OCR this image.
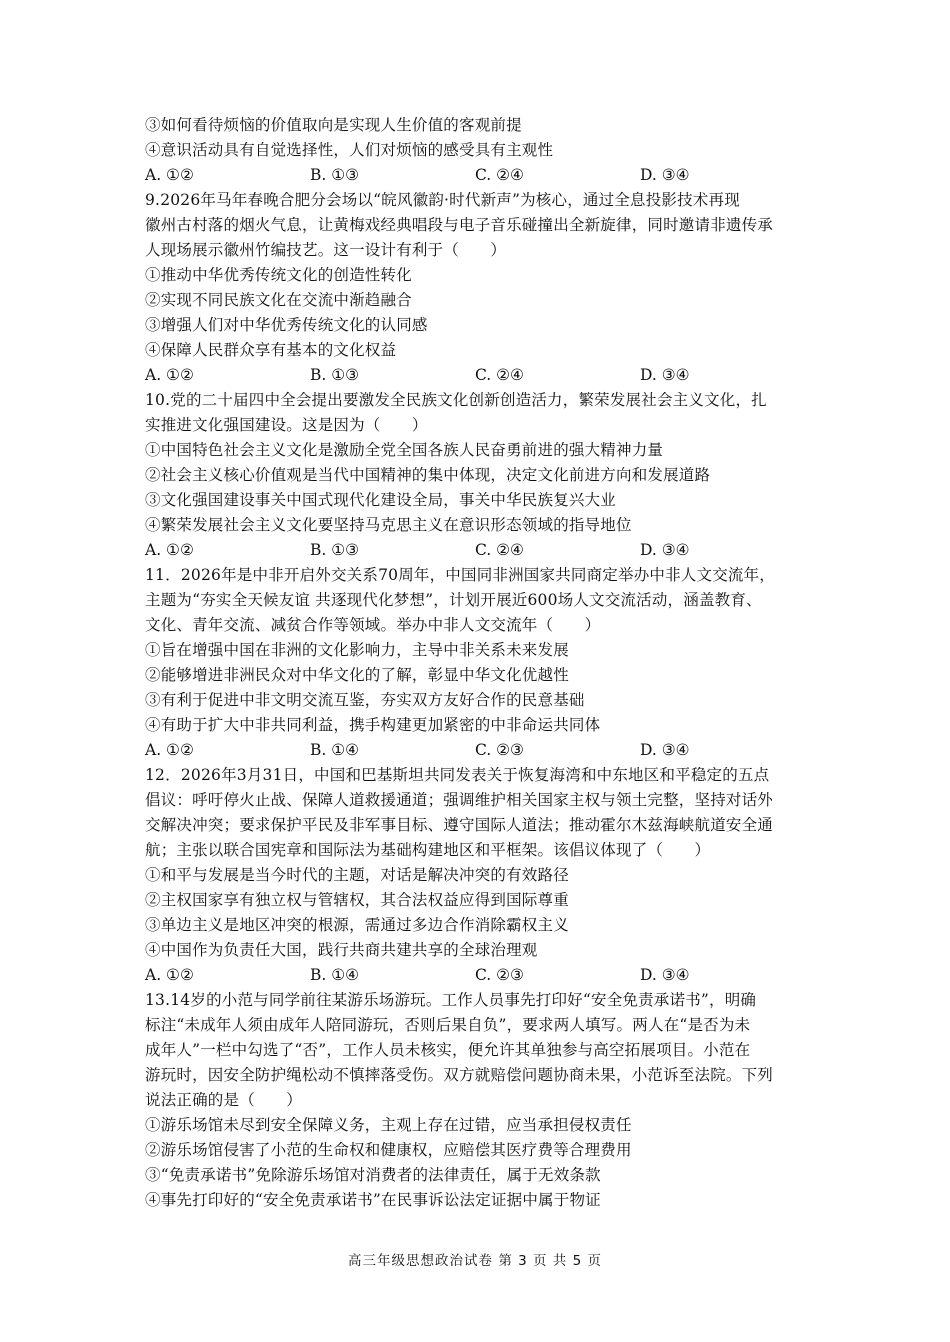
③如何看待烦恼的价值取向是实现人生价值的客观前提
④意识活动具有自觉选择性，人们对烦恼的感受具有主观性
A. ①②	B. ①③	C. ②④	D. ③④
9.2026年马年春晚合肥分会场以“皖风徽韵·时代新声”为核心，通过全息投影技术再现
徽州古村落的烟火气息，让黄梅戏经典唱段与电子音乐碰撞出全新旋律，同时邀请非遗传承
人现场展示徽州竹编技艺。这一设计有利于（　　）
①推动中华优秀传统文化的创造性转化
②实现不同民族文化在交流中渐趋融合
③增强人们对中华优秀传统文化的认同感
④保障人民群众享有基本的文化权益
A. ①②	B. ①③	C. ②④	D. ③④
10.党的二十届四中全会提出要激发全民族文化创新创造活力，繁荣发展社会主义文化，扎
实推进文化强国建设。这是因为（　　）
①中国特色社会主义文化是激励全党全国各族人民奋勇前进的强大精神力量
②社会主义核心价值观是当代中国精神的集中体现，决定文化前进方向和发展道路
③文化强国建设事关中国式现代化建设全局，事关中华民族复兴大业
④繁荣发展社会主义文化要坚持马克思主义在意识形态领域的指导地位
A. ①②	B. ①③	C. ②④	D. ③④
11．2026年是中非开启外交关系70周年，中国同非洲国家共同商定举办中非人文交流年，
主题为“夯实全天候友谊 共逐现代化梦想”，计划开展近600场人文交流活动，涵盖教育、
文化、青年交流、减贫合作等领域。举办中非人文交流年（　　）
①旨在增强中国在非洲的文化影响力，主导中非关系未来发展
②能够增进非洲民众对中华文化的了解，彰显中华文化优越性
③有利于促进中非文明交流互鉴，夯实双方友好合作的民意基础
④有助于扩大中非共同利益，携手构建更加紧密的中非命运共同体
A. ①②	B. ①④	C. ②③	D. ③④
12．2026年3月31日，中国和巴基斯坦共同发表关于恢复海湾和中东地区和平稳定的五点
倡议：呼吁停火止战、保障人道救援通道；强调维护相关国家主权与领土完整，坚持对话外
交解决冲突；要求保护平民及非军事目标、遵守国际人道法；推动霍尔木兹海峡航道安全通
航；主张以联合国宪章和国际法为基础构建地区和平框架。该倡议体现了（　　）
①和平与发展是当今时代的主题，对话是解决冲突的有效路径
②主权国家享有独立权与管辖权，其合法权益应得到国际尊重
③单边主义是地区冲突的根源，需通过多边合作消除霸权主义
④中国作为负责任大国，践行共商共建共享的全球治理观
A. ①②	B. ①④	C. ②③	D. ③④
13.14岁的小范与同学前往某游乐场游玩。工作人员事先打印好“安全免责承诺书”，明确
标注“未成年人须由成年人陪同游玩，否则后果自负”，要求两人填写。两人在“是否为未
成年人”一栏中勾选了“否”，工作人员未核实，便允许其单独参与高空拓展项目。小范在
游玩时，因安全防护绳松动不慎摔落受伤。双方就赔偿问题协商未果，小范诉至法院。下列
说法正确的是（　　）
①游乐场馆未尽到安全保障义务，主观上存在过错，应当承担侵权责任
②游乐场馆侵害了小范的生命权和健康权，应赔偿其医疗费等合理费用
③“免责承诺书”免除游乐场馆对消费者的法律责任，属于无效条款
④事先打印好的“安全免责承诺书”在民事诉讼法定证据中属于物证
高三年级思想政治试卷 第 3 页 共 5 页
